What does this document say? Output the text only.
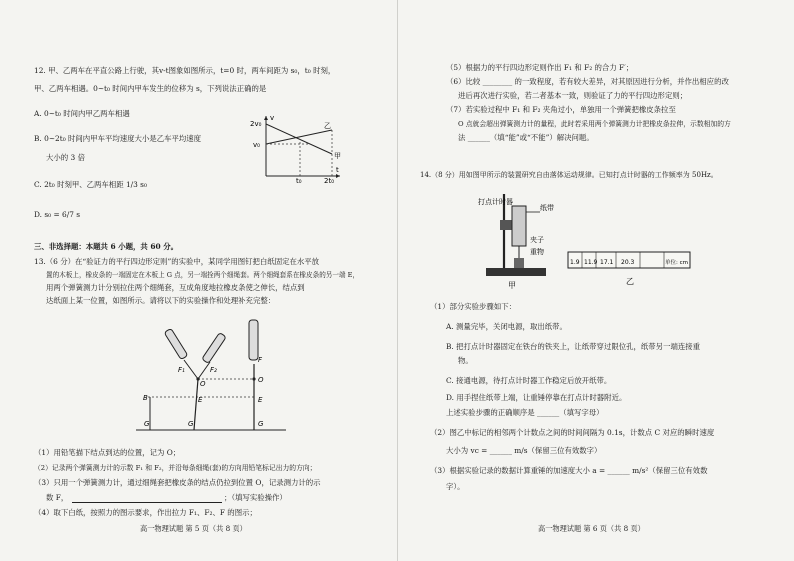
12. 甲、乙两车在平直公路上行驶，其v-t图象如图所示，t=0 时，两车间距为 s₀，t₀ 时刻，
甲、乙两车相遇。0~t₀ 时间内甲车发生的位移为 s，下列说法正确的是
A. 0~t₀ 时间内甲乙两车相遇
B. 0~2t₀ 时间内甲车平均速度大小是乙车平均速度
大小的 3 倍
C. 2t₀ 时刻甲、乙两车相距 1/3 s₀
D. s₀ = 6/7 s
2v₀
v₀
t₀	2t₀
t
v
甲
乙
三、非选择题：本题共 6 小题，共 60 分。
13.（6 分）在“验证力的平行四边形定则”的实验中，某同学用图钉把白纸固定在水平放
置的木板上，橡皮条的一端固定在木板上 G 点，另一端拴两个细绳套。两个细绳套系在橡皮条的另一端 E，
用两个弹簧测力计分别拉住两个细绳套，互成角度地拉橡皮条使之伸长，结点到
达纸面上某一位置，如图所示。请将以下的实验操作和处理补充完整：
F₁	F₂
F
O	O
E	E
B
G	G	G
（1）用铅笔描下结点到达的位置，记为 O；
（2）记录两个弹簧测力计的示数 F₁ 和 F₂，并沿每条细绳(套)的方向用铅笔标记出力的方向；
（3）只用一个弹簧测力计，通过细绳套把橡皮条的结点仍拉到位置 O，记录测力计的示
数 F，	；（填写实验操作）
（4）取下白纸，按照力的图示要求，作出拉力 F₁、F₂、F 的图示；
高一物理试题 第 5 页（共 8 页）
（5）根据力的平行四边形定则作出 F₁ 和 F₂ 的合力 F′；
（6）比较 ________ 的一致程度，若有较大差异，对其原因进行分析，并作出相应的改
进后再次进行实验，若二者基本一致，则验证了力的平行四边形定则；
（7）若实验过程中 F₁ 和 F₂ 夹角过小，单独用一个弹簧把橡皮条拉至
O 点就会超出弹簧测力计的量程，此时若采用两个弹簧测力计把橡皮条拉伸，示数相加的方
法 ______（填“能”或“不能”）解决问题。
14.（8 分）用如图甲所示的装置研究自由落体运动规律。已知打点计时器的工作频率为 50Hz。
打点计时器
纸带
夹子
重物
甲
1.9 11.9 17.1 20.3	单位: cm
乙
（1）部分实验步骤如下：
A. 测量完毕，关闭电源，取出纸带。
B. 把打点计时器固定在铁台的铁夹上，让纸带穿过限位孔，纸带另一端连接重
物。
C. 接通电源，待打点计时器工作稳定后放开纸带。
D. 用手捏住纸带上端，让重锤停靠在打点计时器附近。
上述实验步骤的正确顺序是 ______（填写字母）
（2）图乙中标记的相邻两个计数点之间的时间间隔为 0.1s，计数点 C 对应的瞬时速度
大小为 vc = ______ m/s（保留三位有效数字）
（3）根据实验记录的数据计算重锤的加速度大小 a = ______ m/s²（保留三位有效数
字）。
高一物理试题 第 6 页（共 8 页）
